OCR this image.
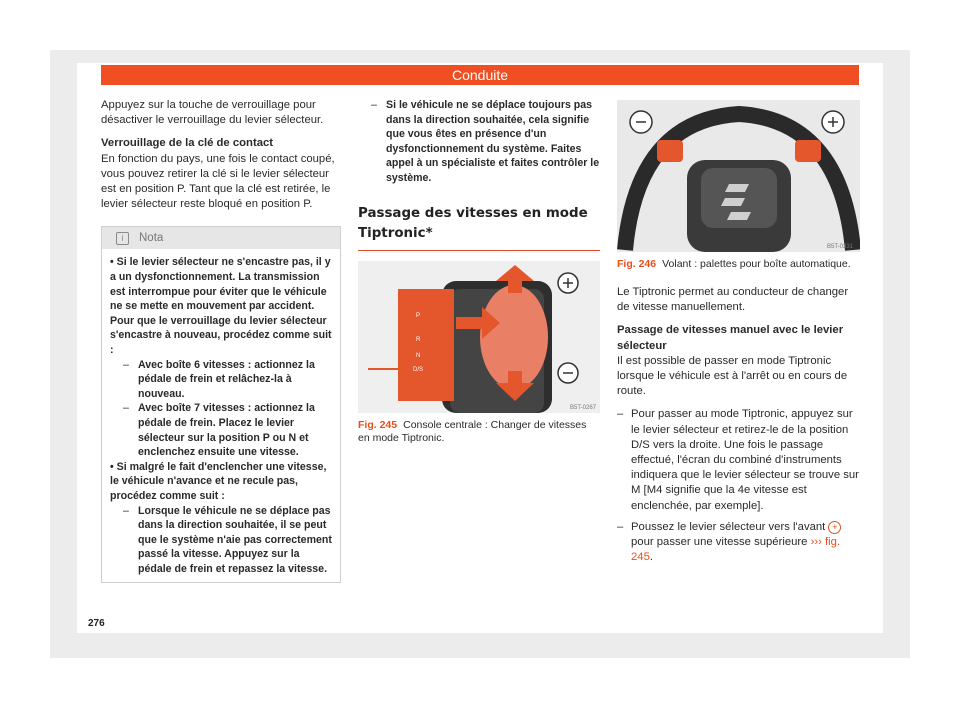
Conduite

Appuyez sur la touche de verrouillage pour désactiver le verrouillage du levier sélecteur.

Verrouillage de la clé de contact

En fonction du pays, une fois le contact coupé, vous pouvez retirer la clé si le levier sélecteur est en position P. Tant que la clé est retirée, le levier sélecteur reste bloqué en position P.

i Nota
• Si le levier sélecteur ne s'encastre pas, il y a un dysfonctionnement. La transmission est interrompue pour éviter que le véhicule ne se mette en mouvement par accident. Pour que le verrouillage du levier sélecteur s'encastre à nouveau, procédez comme suit :
– Avec boîte 6 vitesses : actionnez la pédale de frein et relâchez-la à nouveau.
– Avec boîte 7 vitesses : actionnez la pédale de frein. Placez le levier sélecteur sur la position P ou N et enclenchez ensuite une vitesse.
• Si malgré le fait d'enclencher une vitesse, le véhicule n'avance et ne recule pas, procédez comme suit :
– Lorsque le véhicule ne se déplace pas dans la direction souhaitée, il se peut que le système n'aie pas correctement passé la vitesse. Appuyez sur la pédale de frein et repassez la vitesse.
– Si le véhicule ne se déplace toujours pas dans la direction souhaitée, cela signifie que vous êtes en présence d'un dysfonctionnement du système. Faites appel à un spécialiste et faites contrôler le système.
Passage des vitesses en mode Tiptronic*
P
R
N
D/S
B5T-0267
Fig. 245 Console centrale : Changer de vitesses en mode Tiptronic.
B5T-0331
Fig. 246 Volant : palettes pour boîte automatique.

Le Tiptronic permet au conducteur de changer de vitesse manuellement.

Passage de vitesses manuel avec le levier sélecteur

Il est possible de passer en mode Tiptronic lorsque le véhicule est à l'arrêt ou en cours de route.

– Pour passer au mode Tiptronic, appuyez sur le levier sélecteur et retirez-le de la position D/S vers la droite. Une fois le passage effectué, l'écran du combiné d'instruments indiquera que le levier sélecteur se trouve sur M [M4 signifie que la 4e vitesse est enclenchée, par exemple].
– Poussez le levier sélecteur vers l'avant + pour passer une vitesse supérieure ››› fig. 245.
276
